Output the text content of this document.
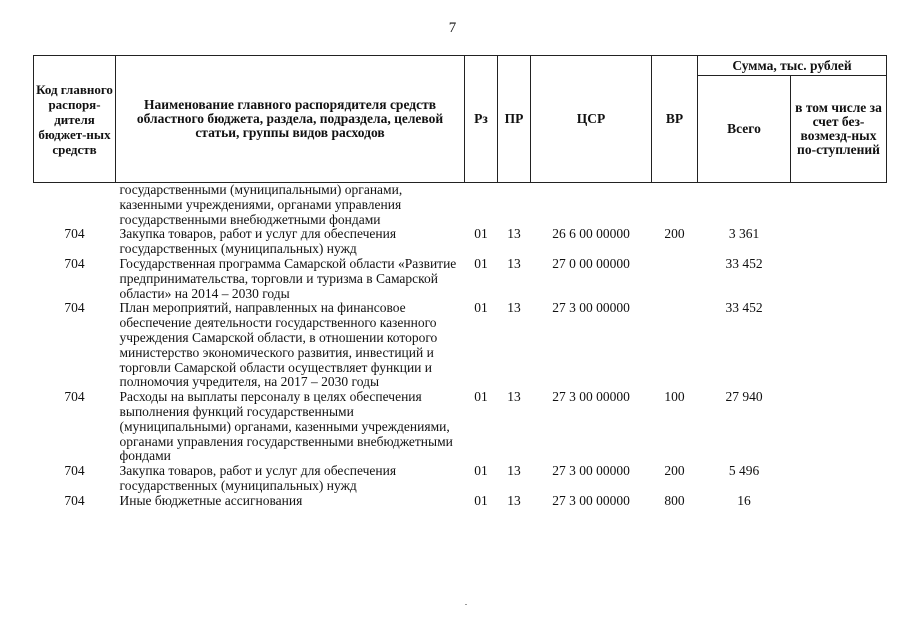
7
Код главного распоря-дителя бюджет-ных средств	Наименование главного распорядителя средств областного бюджета, раздела, подраздела, целевой статьи, группы видов расходов	Рз	ПР	ЦСР	ВР	Сумма, тыс. рублей	
						Всего	в том числе за счет без-возмезд-ных по-ступлений
	государственными (муниципальными) органами, казенными учреждениями, органами управления государственными внебюджетными фондами						
704	Закупка товаров, работ и услуг для обеспечения государственных (муниципальных) нужд	01	13	26 6 00 00000	200	3 361	
704	Государственная программа Самарской области «Развитие предпринимательства, торговли и туризма в Самарской области» на 2014 – 2030 годы	01	13	27 0 00 00000		33 452	
704	План мероприятий, направленных на финансовое обеспечение деятельности государственного казенного учреждения Самарской области, в отношении которого министерство экономического развития, инвестиций и торговли Самарской области осуществляет функции и полномочия учредителя, на 2017 – 2030 годы	01	13	27 3 00 00000		33 452	
704	Расходы на выплаты персоналу в целях обеспечения выполнения функций государственными (муниципальными) органами, казенными учреждениями, органами управления государственными внебюджетными фондами	01	13	27 3 00 00000	100	27 940	
704	Закупка товаров, работ и услуг для обеспечения государственных (муниципальных) нужд	01	13	27 3 00 00000	200	5 496	
704	Иные бюджетные ассигнования	01	13	27 3 00 00000	800	16	
